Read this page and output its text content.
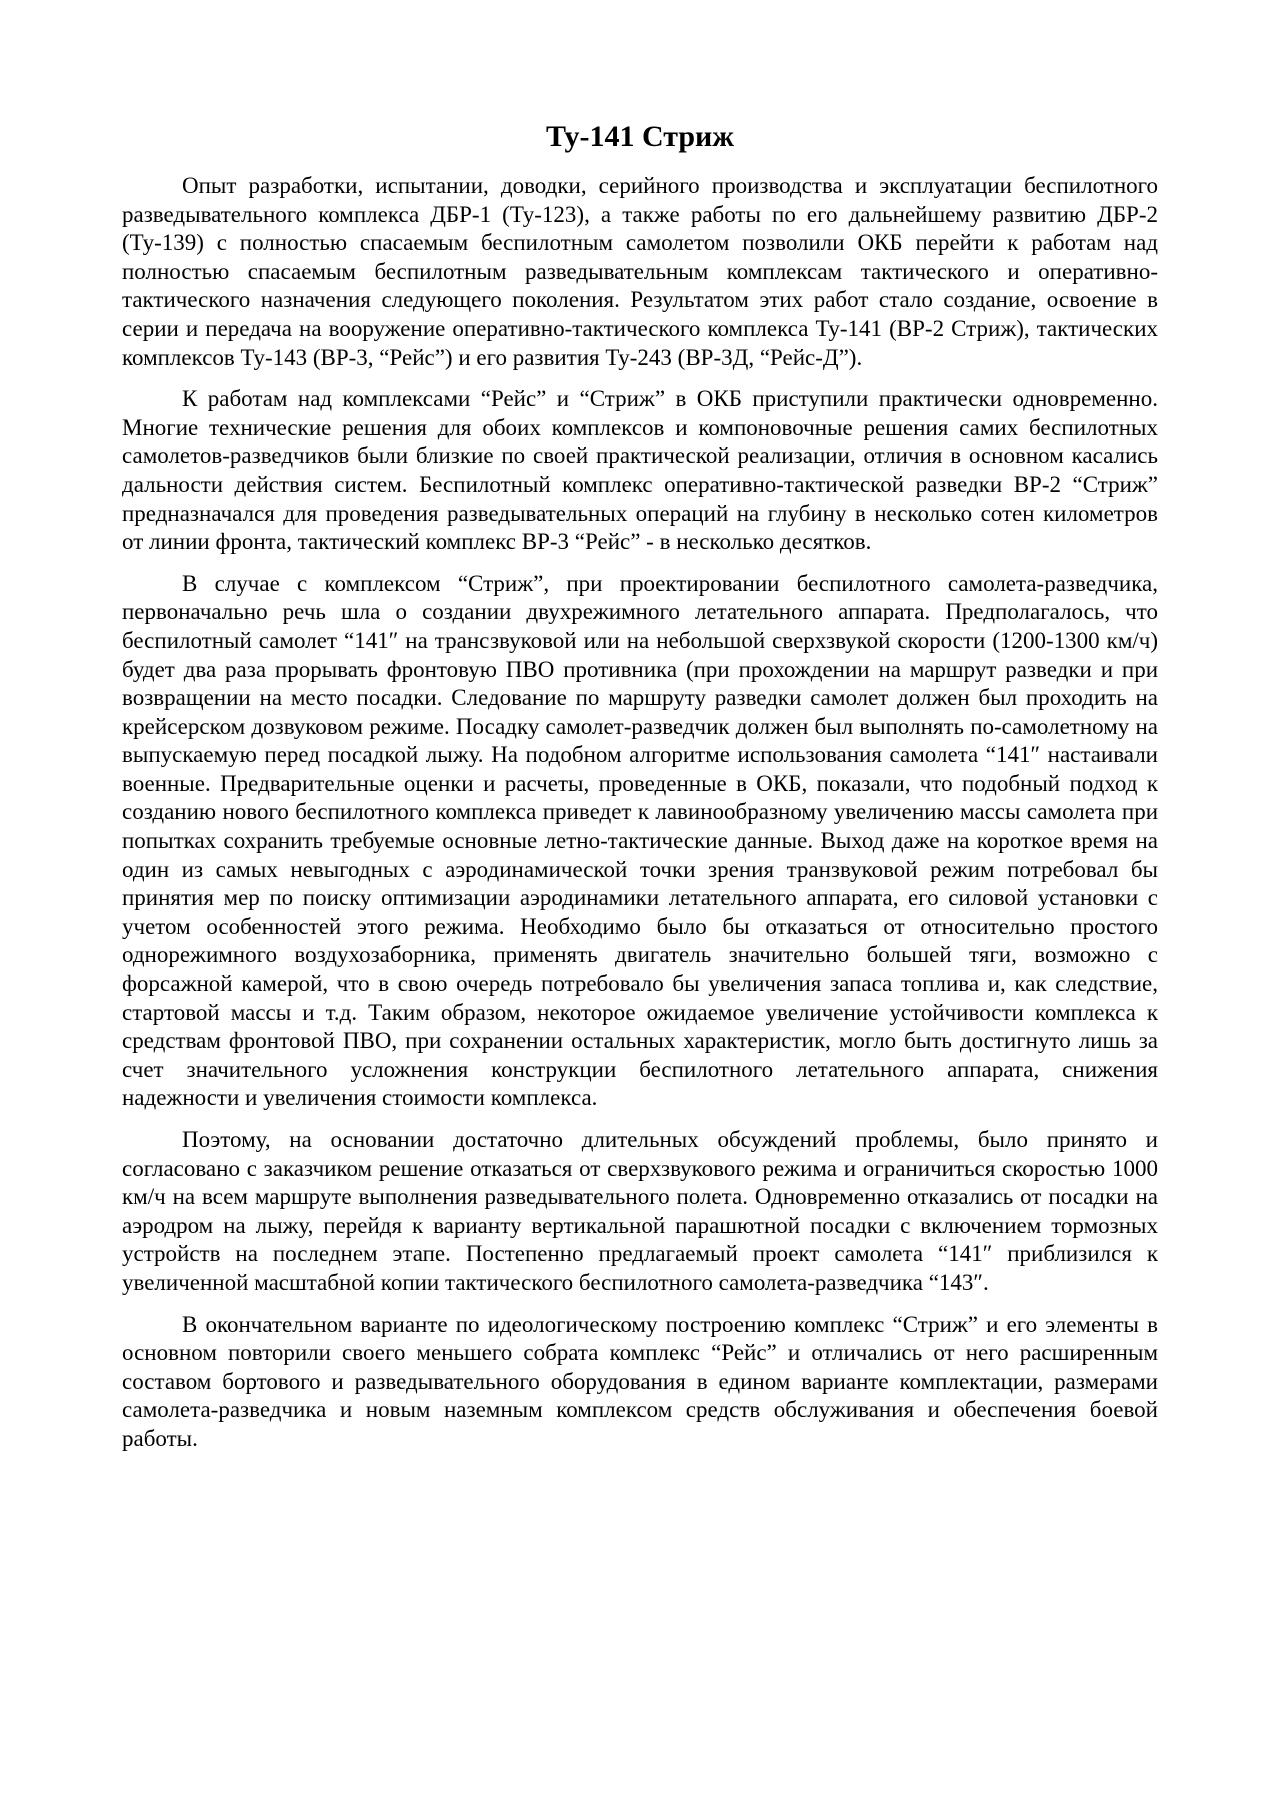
Ту-141 Стриж

Опыт разработки, испытании, доводки, серийного производства и эксплуатации беспилотного разведывательного комплекса ДБР-1 (Ту-123), а также работы по его дальнейшему развитию ДБР-2 (Ту-139) с полностью спасаемым беспилотным самолетом позволили ОКБ перейти к работам над полностью спасаемым беспилотным разведывательным комплексам тактического и оперативно-тактического назначения следующего поколения. Результатом этих работ стало создание, освоение в серии и передача на вооружение оперативно-тактического комплекса Ту-141 (ВР-2 Стриж), тактических комплексов Ту-143 (ВР-3, “Рейс”) и его развития Ту-243 (ВР-3Д, “Рейс-Д”).

К работам над комплексами “Рейс” и “Стриж” в ОКБ приступили практически одновременно. Многие технические решения для обоих комплексов и компоновочные решения самих беспилотных самолетов-разведчиков были близкие по своей практической реализации, отличия в основном касались дальности действия систем. Беспилотный комплекс оперативно-тактической разведки ВР-2 “Стриж” предназначался для проведения разведывательных операций на глубину в несколько сотен километров от линии фронта, тактический комплекс ВР-3 “Рейс” - в несколько десятков.

В случае с комплексом “Стриж”, при проектировании беспилотного самолета-разведчика, первоначально речь шла о создании двухрежимного летательного аппарата. Предполагалось, что беспилотный самолет “141″ на трансзвуковой или на небольшой сверхзвукой скорости (1200-1300 км/ч) будет два раза прорывать фронтовую ПВО противника (при прохождении на маршрут разведки и при возвращении на место посадки. Следование по маршруту разведки самолет должен был проходить на крейсерском дозвуковом режиме. Посадку самолет-разведчик должен был выполнять по-самолетному на выпускаемую перед посадкой лыжу. На подобном алгоритме использования самолета “141″ настаивали военные. Предварительные оценки и расчеты, проведенные в ОКБ, показали, что подобный подход к созданию нового беспилотного комплекса приведет к лавинообразному увеличению массы самолета при попытках сохранить требуемые основные летно-тактические данные. Выход даже на короткое время на один из самых невыгодных с аэродинамической точки зрения транзвуковой режим потребовал бы принятия мер по поиску оптимизации аэродинамики летательного аппарата, его силовой установки с учетом особенностей этого режима. Необходимо было бы отказаться от относительно простого однорежимного воздухозаборника, применять двигатель значительно большей тяги, возможно с форсажной камерой, что в свою очередь потребовало бы увеличения запаса топлива и, как следствие, стартовой массы и т.д. Таким образом, некоторое ожидаемое увеличение устойчивости комплекса к средствам фронтовой ПВО, при сохранении остальных характеристик, могло быть достигнуто лишь за счет значительного усложнения конструкции беспилотного летательного аппарата, снижения надежности и увеличения стоимости комплекса.

Поэтому, на основании достаточно длительных обсуждений проблемы, было принято и согласовано с заказчиком решение отказаться от сверхзвукового режима и ограничиться скоростью 1000 км/ч на всем маршруте выполнения разведывательного полета. Одновременно отказались от посадки на аэродром на лыжу, перейдя к варианту вертикальной парашютной посадки с включением тормозных устройств на последнем этапе. Постепенно предлагаемый проект самолета “141″ приблизился к увеличенной масштабной копии тактического беспилотного самолета-разведчика “143″.

В окончательном варианте по идеологическому построению комплекс “Стриж” и его элементы в основном повторили своего меньшего собрата комплекс “Рейс” и отличались от него расширенным составом бортового и разведывательного оборудования в едином варианте комплектации, размерами самолета-разведчика и новым наземным комплексом средств обслуживания и обеспечения боевой работы.
